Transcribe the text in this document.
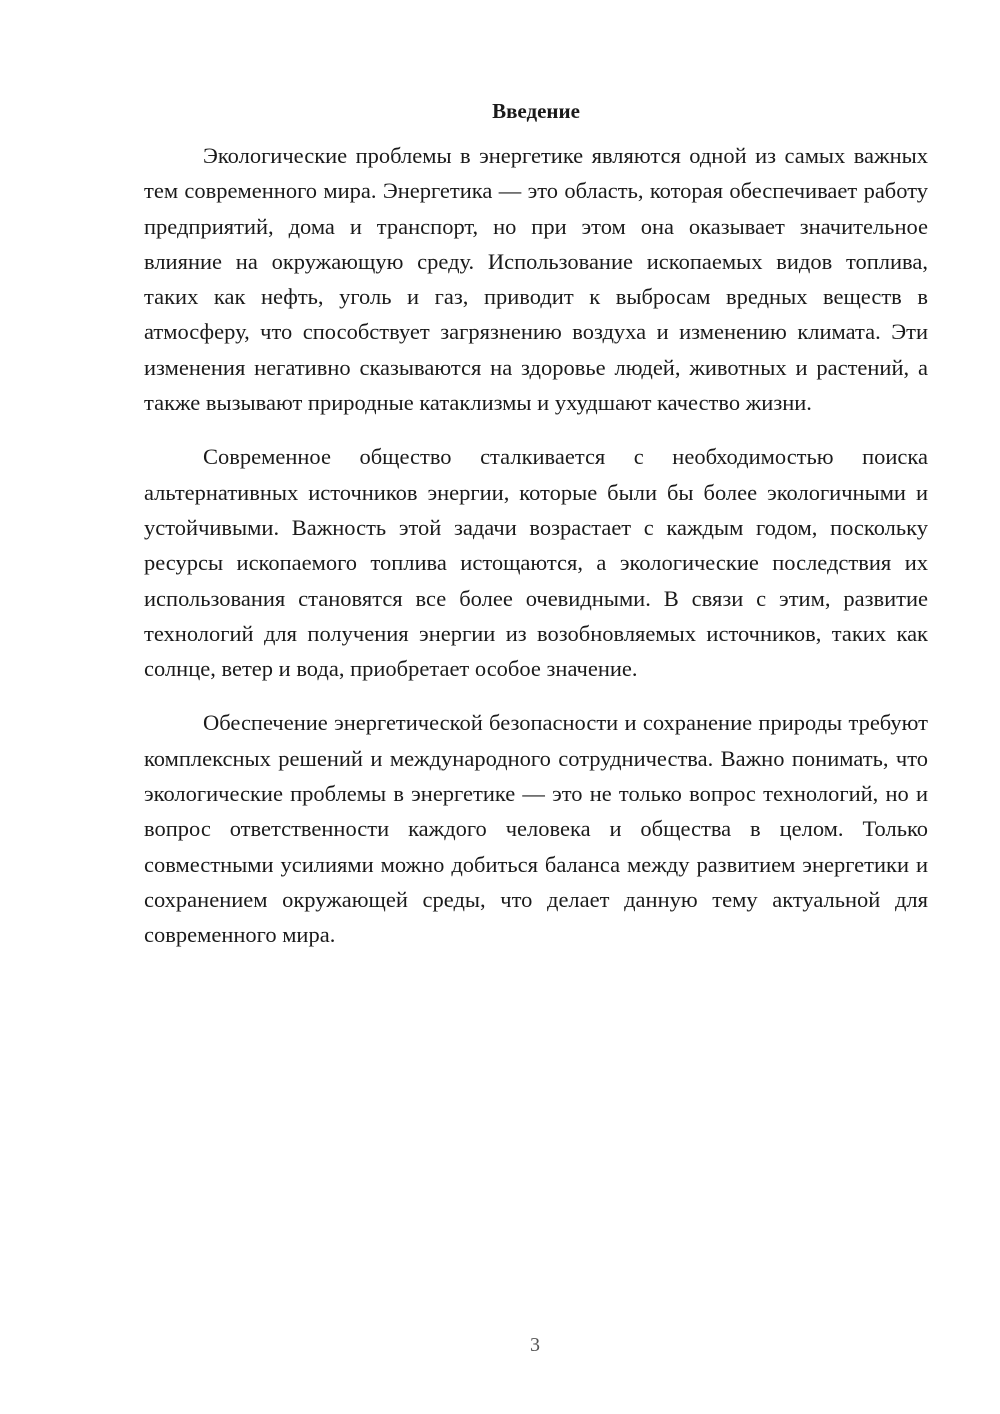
Введение

Экологические проблемы в энергетике являются одной из самых важных тем современного мира. Энергетика — это область, которая обеспечивает работу предприятий, дома и транспорт, но при этом она оказывает значительное влияние на окружающую среду. Использование ископаемых видов топлива, таких как нефть, уголь и газ, приводит к выбросам вредных веществ в атмосферу, что способствует загрязнению воздуха и изменению климата. Эти изменения негативно сказываются на здоровье людей, животных и растений, а также вызывают природные катаклизмы и ухудшают качество жизни.

Современное общество сталкивается с необходимостью поиска альтернативных источников энергии, которые были бы более экологичными и устойчивыми. Важность этой задачи возрастает с каждым годом, поскольку ресурсы ископаемого топлива истощаются, а экологические последствия их использования становятся все более очевидными. В связи с этим, развитие технологий для получения энергии из возобновляемых источников, таких как солнце, ветер и вода, приобретает особое значение.

Обеспечение энергетической безопасности и сохранение природы требуют комплексных решений и международного сотрудничества. Важно понимать, что экологические проблемы в энергетике — это не только вопрос технологий, но и вопрос ответственности каждого человека и общества в целом. Только совместными усилиями можно добиться баланса между развитием энергетики и сохранением окружающей среды, что делает данную тему актуальной для современного мира.

3
